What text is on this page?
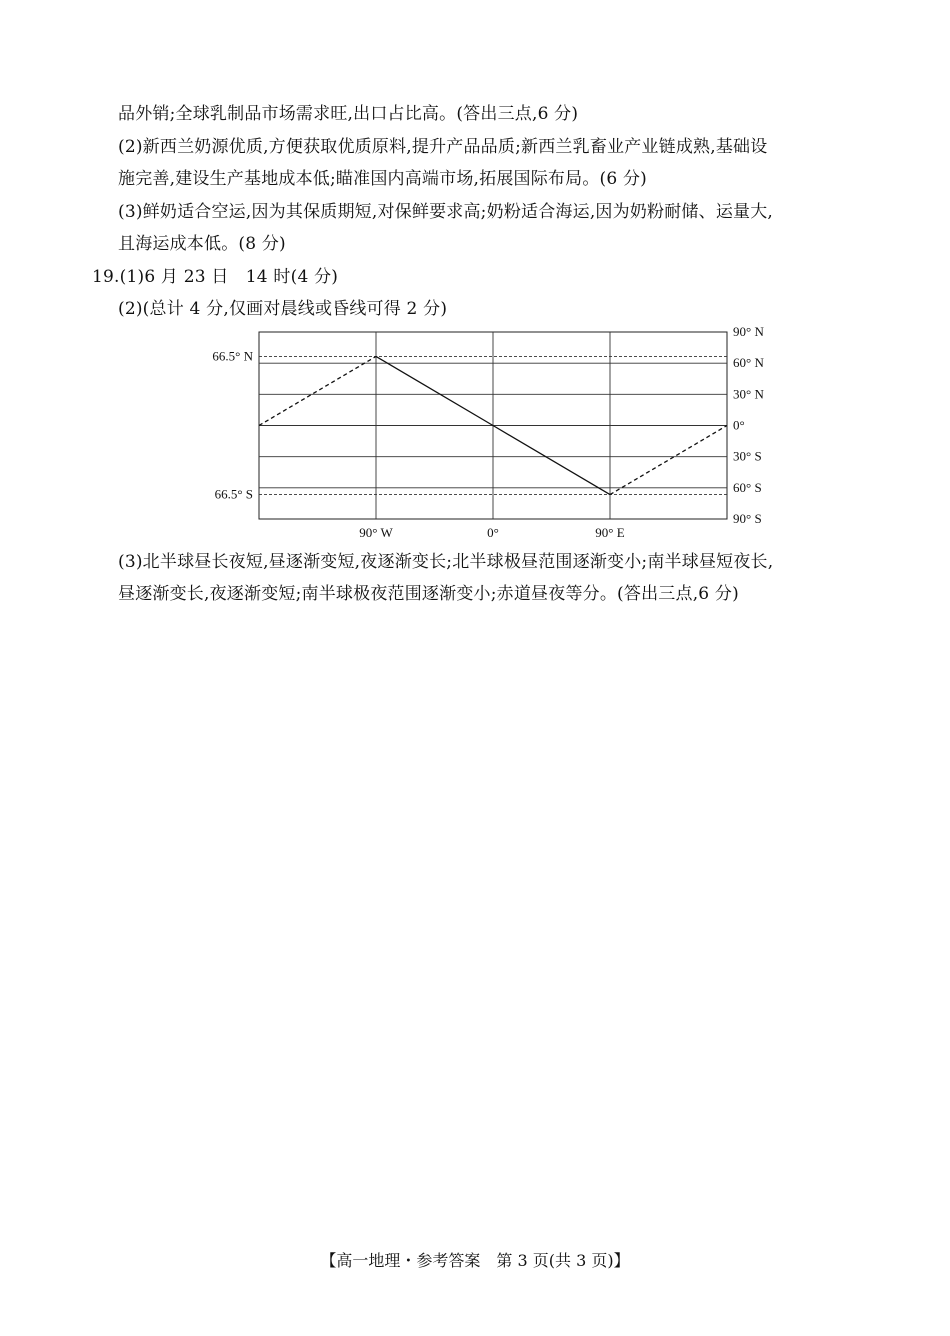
品外销;全球乳制品市场需求旺,出口占比高。(答出三点,6 分)
(2)新西兰奶源优质,方便获取优质原料,提升产品品质;新西兰乳畜业产业链成熟,基础设
施完善,建设生产基地成本低;瞄准国内高端市场,拓展国际布局。(6 分)
(3)鲜奶适合空运,因为其保质期短,对保鲜要求高;奶粉适合海运,因为奶粉耐储、运量大,
且海运成本低。(8 分)
19.(1)6 月 23 日　14 时(4 分)
(2)(总计 4 分,仅画对晨线或昏线可得 2 分)
90° N
60° N
30° N
0°
30° S
60° S
90° S
66.5° N
66.5° S
90° W	0°	90° E
(3)北半球昼长夜短,昼逐渐变短,夜逐渐变长;北半球极昼范围逐渐变小;南半球昼短夜长,
昼逐渐变长,夜逐渐变短;南半球极夜范围逐渐变小;赤道昼夜等分。(答出三点,6 分)
【高一地理・参考答案　第 3 页(共 3 页)】
